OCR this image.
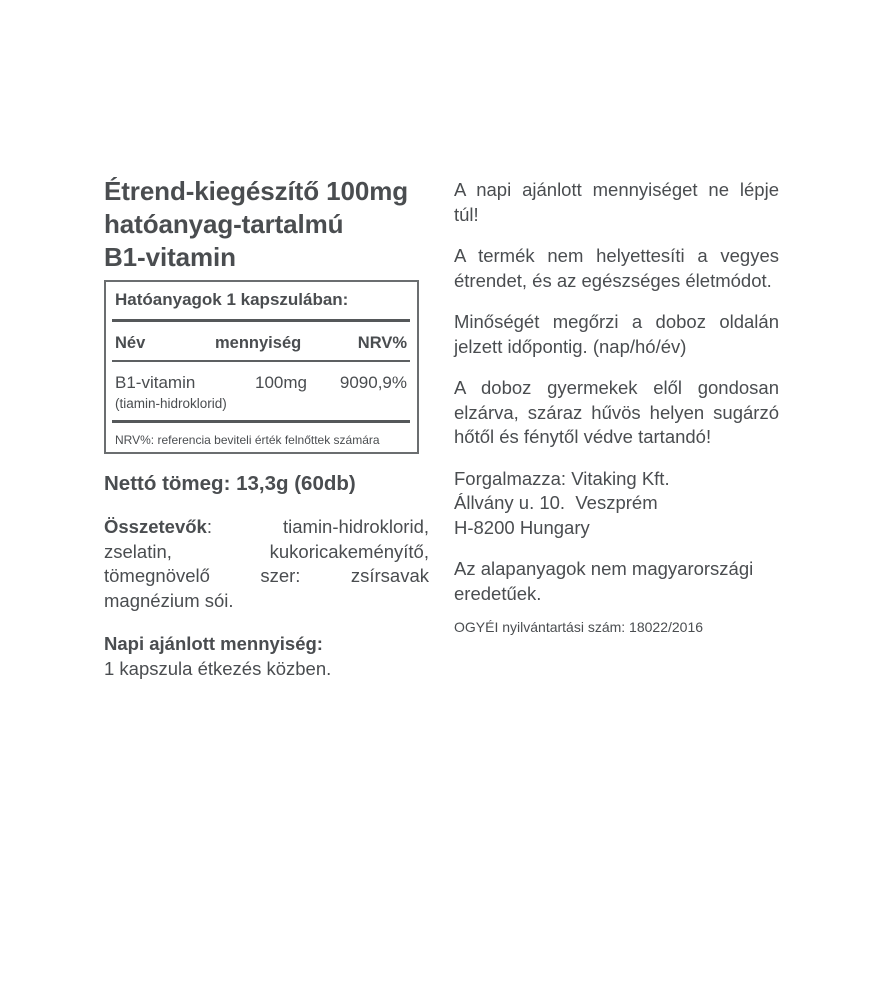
Étrend-kiegészítő 100mg
hatóanyag-tartalmú
B1-vitamin
Hatóanyagok 1 kapszulában:
Név	mennyiség	NRV%
B1-vitamin	100mg 9090,9%
(tiamin-hidroklorid)
NRV%: referencia beviteli érték felnőttek számára
Nettó tömeg: 13,3g (60db)

Összetevők: tiamin-hidroklorid, zselatin, kukoricakeményítő, tömegnövelő szer: zsírsavak magnézium sói.

Napi ajánlott mennyiség:
1 kapszula étkezés közben.

A napi ajánlott mennyiséget ne lépje túl!

A termék nem helyettesíti a vegyes étrendet, és az egészséges életmódot.

Minőségét megőrzi a doboz oldalán jelzett időpontig. (nap/hó/év)

A doboz gyermekek elől gondosan elzárva, száraz hűvös helyen sugárzó hőtől és fénytől védve tartandó!

Forgalmazza: Vitaking Kft.
Állvány u. 10.  Veszprém
H-8200 Hungary

Az alapanyagok nem magyarországi eredetűek.

OGYÉI nyilvántartási szám: 18022/2016
